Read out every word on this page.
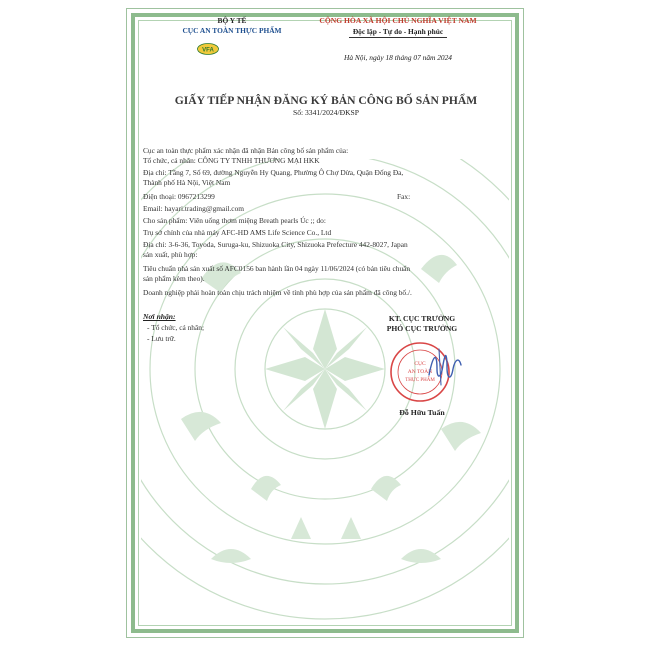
BỘ Y TẾ
CỤC AN TOÀN THỰC PHẨM
VFA
CỘNG HÒA XÃ HỘI CHỦ NGHĨA VIỆT NAM
Độc lập - Tự do - Hạnh phúc
Hà Nội, ngày 18 tháng 07 năm 2024
GIẤY TIẾP NHẬN ĐĂNG KÝ BẢN CÔNG BỐ SẢN PHẨM
Số: 3341/2024/ĐKSP
Cục an toàn thực phẩm xác nhận đã nhận Bản công bố sản phẩm của:
Tổ chức, cá nhân: CÔNG TY TNHH THƯƠNG MẠI HKK
Địa chỉ: Tầng 7, Số 69, đường Nguyễn Hy Quang, Phường Ô Chợ Dừa, Quận Đống Đa,
Thành phố Hà Nội, Việt Nam
Điện thoại: 0967213299	Fax:
Email: hayari.trading@gmail.com
Cho sản phẩm: Viên uống thơm miệng Breath pearls Úc ;; do:
Trụ sở chính của nhà máy AFC-HD AMS Life Science Co., Ltd
Địa chỉ: 3-6-36, Toyoda, Suruga-ku, Shizuoka City, Shizuoka Prefecture 442-8027, Japan
sản xuất, phù hợp:
Tiêu chuẩn nhà sản xuất số AFC0156 ban hành lần 04 ngày 11/06/2024 (có bản tiêu chuẩn
sản phẩm kèm theo).
Doanh nghiệp phải hoàn toàn chịu trách nhiệm về tính phù hợp của sản phẩm đã công bố./.
Nơi nhận:
- Tổ chức, cá nhân;
- Lưu trữ.
KT. CỤC TRƯỞNG
PHÓ CỤC TRƯỞNG
CỤC
AN TOÀN
THỰC PHẨM
Đỗ Hữu Tuấn
